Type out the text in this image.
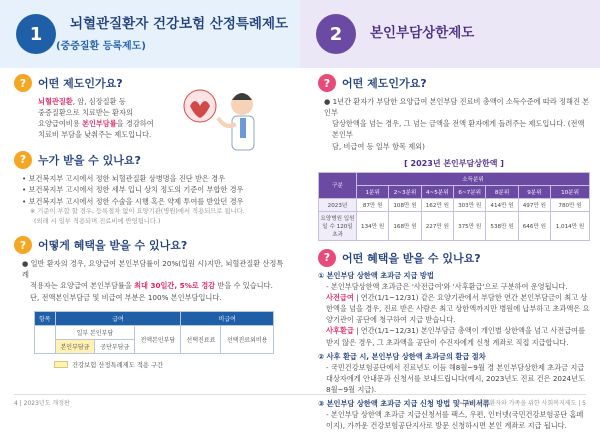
1	뇌혈관질환자 건강보험 산정특례제도
(중증질환 등록제도)
2	본인부담상한제도
?	어떤 제도인가요?
뇌혈관질환, 암, 심장질환 등
중증질환으로 치료받는 환자의
요양급여비용 본인부담률을 경감하여
치료비 부담을 낮춰주는 제도입니다.
?	누가 받을 수 있나요?
• 보건복지부 고시에서 정한 뇌혈관질환 상병명을 진단 받은 경우
• 보건복지부 고시에서 정한 세부 입니 상치 정도의 기준이 부합한 경우
• 보건복지부 고시에서 정한 수술을 시행 혹은 약제 투여를 받았던 경우
※ 기준이 부합 할 경우, 등록절차 없이 요양기관(병원)에서 적용되므로 됩니다.
(외래 시 일부 적용되며 진료비에 반영됩니다.)
?	어떻게 혜택을 받을 수 있나요?
● 일반 환자의 경우, 요양급여 본인부담률이 20%(입원 시)지만, 뇌혈관질환 산정특례
적용자는 요양급여 본인부담률을 최대 30일간, 5%로 경감 받을 수 있습니다.
단, 전액본인부담금 및 비급여 부분은 100% 본인부담입니다.
항목	급여			비급여	
	일부 본인부담		전액본인부담	선택진료료	선택진료외비용
	본인부담금	공단부담금			
건강보험 산정특례제도 적용 구간
?	어떤 제도인가요?
● 1년간 환자가 부담한 요양급여 본인부담 진료비 총액이 소득수준에 따라 정해진 본인부
담상한액을 넘는 경우, 그 넘는 금액을 전액 환자에게 돌려주는 제도입니다. (전액본인부
담, 비급여 등 일부 항목 제외)
[ 2023년 본인부담상한액 ]
구분	소득분위						
	1분위	2~3분위	4~5분위	6~7분위	8분위	9분위	10분위
2023년	87만 원	108만 원	162만 원	303만 원	414만 원	497만 원	780만 원
요양병원 입원일 수 120일 초과	134만 원	168만 원	227만 원	375만 원	538만 원	646만 원	1,014만 원
?	어떤 혜택을 받을 수 있나요?
① 본인부담 상한액 초과금 지급 방법
- 본인부담상한액 초과금은 '사전급여'와 '사후환급'으로 구분하여 운영됩니다.
사전급여 | 연간(1/1~12/31) 같은 요양기관에서 부담한 연간 본인부담금이 최고 상한액을 넘을 경우, 진료 받은 사람은 최고 상한액까지만 병원에 납부하고 초과액은 요양기관이 공단에 청구하여 지급 받습니다.
사후환급 | 연간(1/1~12/31) 본인부담금 총액이 개인별 상한액을 넘고 사전급여를 받지 않은 경우, 그 초과액을 공단이 수진자에게 신청 계좌로 직접 지급합니다.
② 사후 환급 시, 본인부담 상한액 초과금의 환급 절차
- 국민건강보험공단에서 진료년도 이듬 해8월~9월 경 본인부담상한제 초과금 지급 대상자에게 안내문과 신청서를 보내드립니다(예시, 2023년도 진료 건은 2024년도 8월~9월 지급).
③ 본인부담 상한액 초과금 지급 신청 방법 및 구비서류
- 본인부담 상한액 초과금 지급신청서를 팩스, 우편, 인터넷(국민건강보험공단 홈페이지), 가까운 건강보험공단지사로 방문 신청하시면 본인 계좌로 지급 됩니다.
4 | 2023년도 개정판	뇌혈관질환 환자와 가족을 위한 사회복지제도 | 5
